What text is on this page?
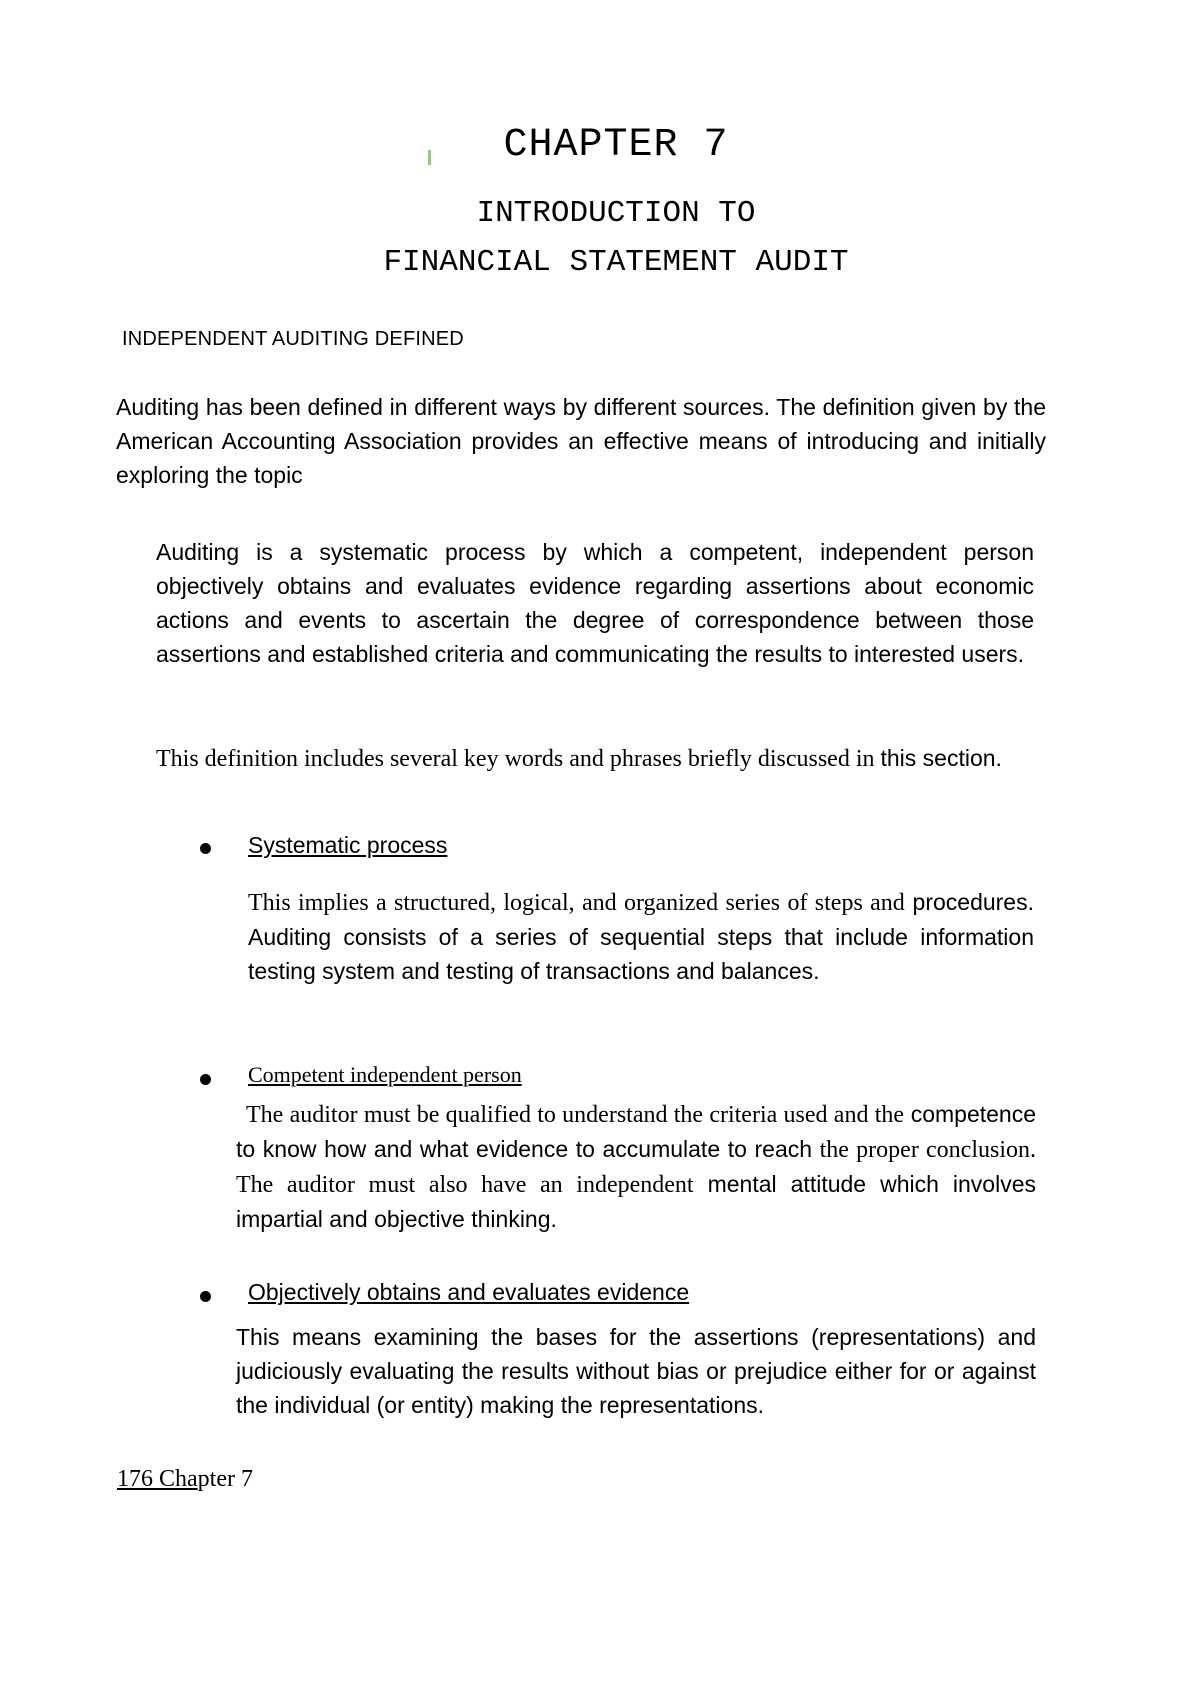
CHAPTER 7
INTRODUCTION TO
FINANCIAL STATEMENT AUDIT
INDEPENDENT AUDITING DEFINED

Auditing has been defined in different ways by different sources. The definition given by the American Accounting Association provides an effective means of introducing and initially exploring the topic

Auditing is a systematic process by which a competent, independent person objectively obtains and evaluates evidence regarding assertions about economic actions and events to ascertain the degree of correspondence between those assertions and established criteria and communicating the results to interested users.

This definition includes several key words and phrases briefly discussed in this section.

Systematic process

This implies a structured, logical, and organized series of steps and procedures. Auditing consists of a series of sequential steps that include information testing system and testing of transactions and balances.

Competent independent person

The auditor must be qualified to understand the criteria used and the competence to know how and what evidence to accumulate to reach the proper conclusion. The auditor must also have an independent mental attitude which involves impartial and objective thinking.

Objectively obtains and evaluates evidence

This means examining the bases for the assertions (representations) and judiciously evaluating the results without bias or prejudice either for or against the individual (or entity) making the representations.

176 Chapter 7
